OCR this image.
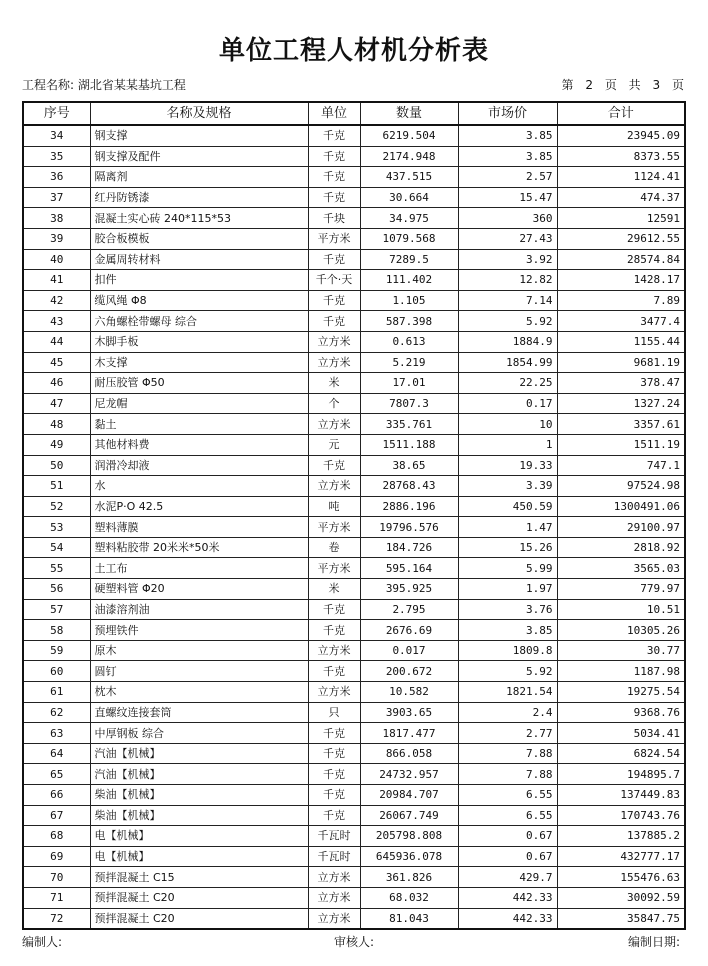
单位工程人材机分析表
工程名称: 湖北省某某基坑工程	第 2 页 共 3 页
序号	名称及规格	单位	数量	市场价	合计
34	钢支撑	千克	6219.504	3.85	23945.09
35	钢支撑及配件	千克	2174.948	3.85	8373.55
36	隔离剂	千克	437.515	2.57	1124.41
37	红丹防锈漆	千克	30.664	15.47	474.37
38	混凝土实心砖 240*115*53	千块	34.975	360	12591
39	胶合板模板	平方米	1079.568	27.43	29612.55
40	金属周转材料	千克	7289.5	3.92	28574.84
41	扣件	千个·天	111.402	12.82	1428.17
42	缆风绳 Φ8	千克	1.105	7.14	7.89
43	六角螺栓带螺母 综合	千克	587.398	5.92	3477.4
44	木脚手板	立方米	0.613	1884.9	1155.44
45	木支撑	立方米	5.219	1854.99	9681.19
46	耐压胶管 Φ50	米	17.01	22.25	378.47
47	尼龙帽	个	7807.3	0.17	1327.24
48	黏土	立方米	335.761	10	3357.61
49	其他材料费	元	1511.188	1	1511.19
50	润滑冷却液	千克	38.65	19.33	747.1
51	水	立方米	28768.43	3.39	97524.98
52	水泥P·O 42.5	吨	2886.196	450.59	1300491.06
53	塑料薄膜	平方米	19796.576	1.47	29100.97
54	塑料粘胶带 20米米*50米	卷	184.726	15.26	2818.92
55	土工布	平方米	595.164	5.99	3565.03
56	硬塑料管 Φ20	米	395.925	1.97	779.97
57	油漆溶剂油	千克	2.795	3.76	10.51
58	预埋铁件	千克	2676.69	3.85	10305.26
59	原木	立方米	0.017	1809.8	30.77
60	圆钉	千克	200.672	5.92	1187.98
61	枕木	立方米	10.582	1821.54	19275.54
62	直螺纹连接套筒	只	3903.65	2.4	9368.76
63	中厚钢板 综合	千克	1817.477	2.77	5034.41
64	汽油【机械】	千克	866.058	7.88	6824.54
65	汽油【机械】	千克	24732.957	7.88	194895.7
66	柴油【机械】	千克	20984.707	6.55	137449.83
67	柴油【机械】	千克	26067.749	6.55	170743.76
68	电【机械】	千瓦时	205798.808	0.67	137885.2
69	电【机械】	千瓦时	645936.078	0.67	432777.17
70	预拌混凝土 C15	立方米	361.826	429.7	155476.63
71	预拌混凝土 C20	立方米	68.032	442.33	30092.59
72	预拌混凝土 C20	立方米	81.043	442.33	35847.75
编制人:	审核人:	编制日期:
